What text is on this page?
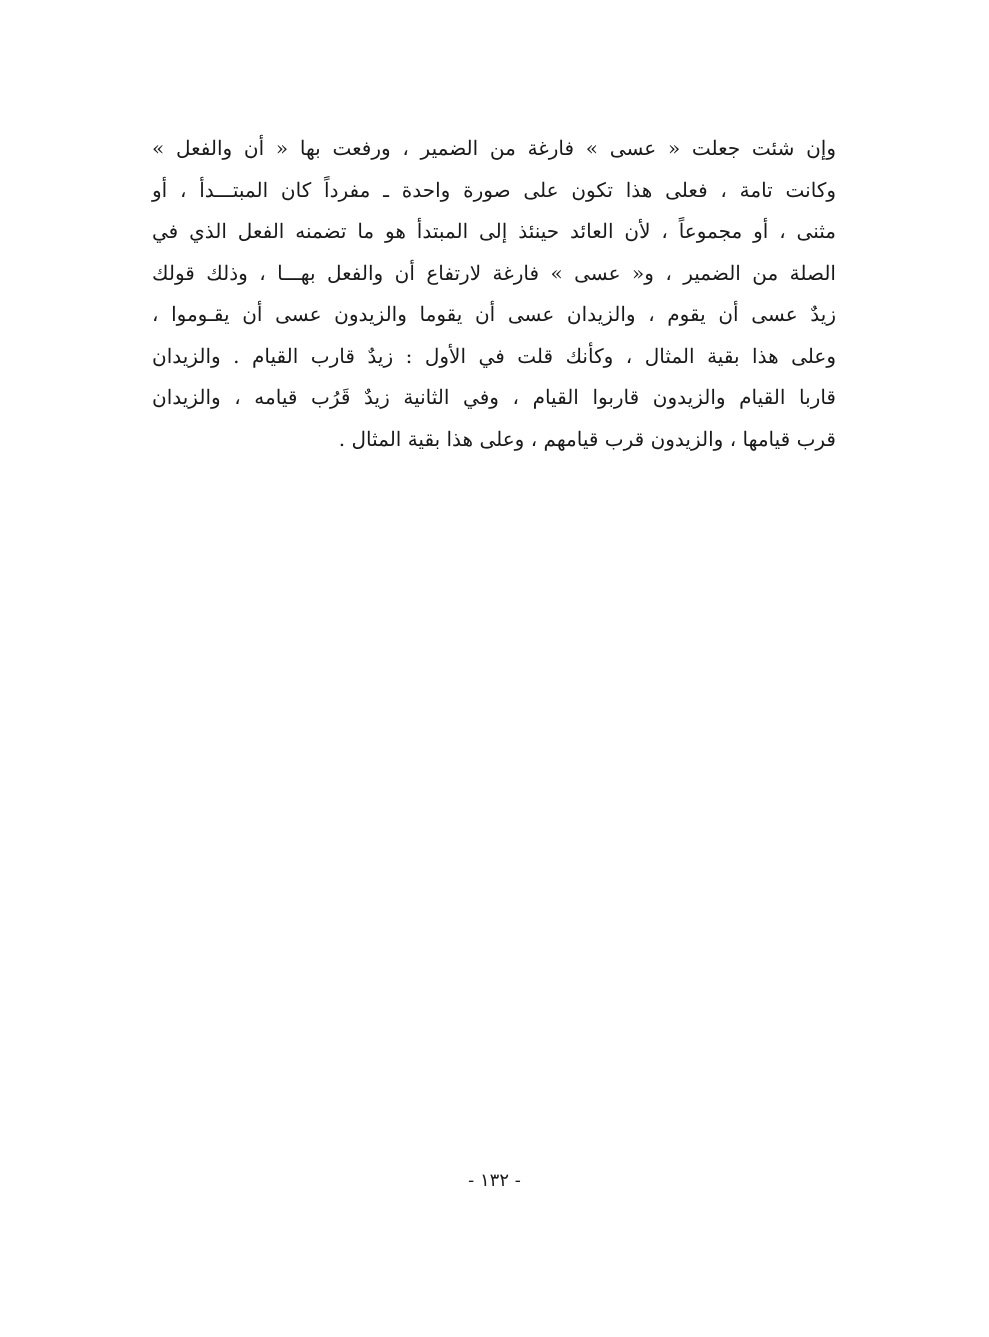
وإن شئت جعلت « عسى » فارغة من الضمير ، ورفعت بها « أن والفعل »
وكانت تامة ، فعلى هذا تكون على صورة واحدة ـ مفرداً كان المبتـــدأ ، أو
مثنى ، أو مجموعاً ، لأن العائد حينئذ إلى المبتدأ هو ما تضمنه الفعل الذي في
الصلة من الضمير ، و« عسى » فارغة لارتفاع أن والفعل بهـــا ، وذلك قولك
زيدٌ عسى أن يقوم ، والزيدان عسى أن يقوما والزيدون عسى أن يقـوموا ،
وعلى هذا بقية المثال ، وكأنك قلت في الأول : زيدٌ قارب القيام . والزيدان
قاربا القيام والزيدون قاربوا القيام ، وفي الثانية زيدٌ قَرُب قيامه ، والزيدان
قرب قيامها ، والزيدون قرب قيامهم ، وعلى هذا بقية المثال .
- ١٣٢ -
